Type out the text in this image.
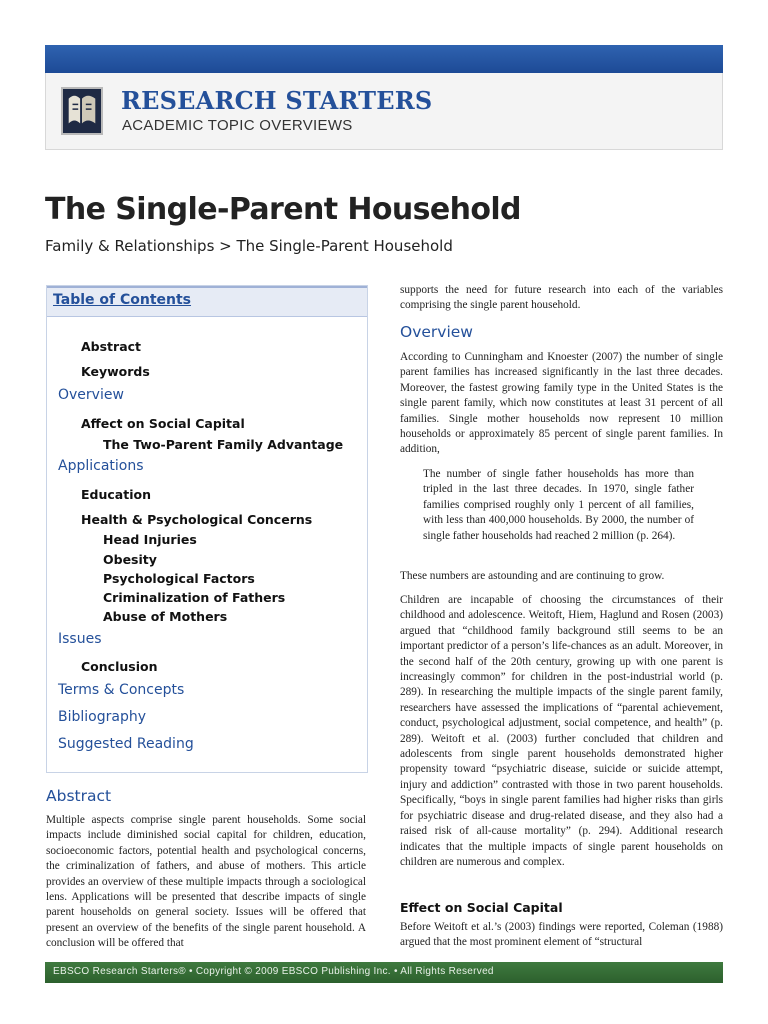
RESEARCH STARTERS
ACADEMIC TOPIC OVERVIEWS
The Single-Parent Household
Family & Relationships > The Single-Parent Household
Table of Contents
Abstract
Keywords
Overview
Affect on Social Capital
The Two-Parent Family Advantage
Applications
Education
Health & Psychological Concerns
Head Injuries
Obesity
Psychological Factors
Criminalization of Fathers
Abuse of Mothers
Issues
Conclusion
Terms & Concepts
Bibliography
Suggested Reading
Abstract
Multiple aspects comprise single parent households. Some social impacts include diminished social capital for children, education, socioeconomic factors, potential health and psychological concerns, the criminalization of fathers, and abuse of mothers. This article provides an overview of these multiple impacts through a sociological lens. Applications will be presented that describe impacts of single parent households on general society. Issues will be offered that present an overview of the benefits of the single parent household. A conclusion will be offered that
supports the need for future research into each of the variables comprising the single parent household.
Overview
According to Cunningham and Knoester (2007) the number of single parent families has increased significantly in the last three decades. Moreover, the fastest growing family type in the United States is the single parent family, which now constitutes at least 31 percent of all families. Single mother households now represent 10 million households or approximately 85 percent of single parent families. In addition,
The number of single father households has more than tripled in the last three decades. In 1970, single father families comprised roughly only 1 percent of all families, with less than 400,000 households. By 2000, the number of single father households had reached 2 million (p. 264).
These numbers are astounding and are continuing to grow.
Children are incapable of choosing the circumstances of their childhood and adolescence. Weitoft, Hiem, Haglund and Rosen (2003) argued that “childhood family background still seems to be an important predictor of a person’s life-chances as an adult. Moreover, in the second half of the 20th century, growing up with one parent is increasingly common” for children in the post-industrial world (p. 289). In researching the multiple impacts of the single parent family, researchers have assessed the implications of “parental achievement, conduct, psychological adjustment, social competence, and health” (p. 289). Weitoft et al. (2003) further concluded that children and adolescents from single parent households demonstrated higher propensity toward “psychiatric disease, suicide or suicide attempt, injury and addiction” contrasted with those in two parent households. Specifically, “boys in single parent families had higher risks than girls for psychiatric disease and drug-related disease, and they also had a raised risk of all-cause mortality” (p. 294). Additional research indicates that the multiple impacts of single parent households on children are numerous and complex.
Effect on Social Capital
Before Weitoft et al.’s (2003) findings were reported, Coleman (1988) argued that the most prominent element of “structural
EBSCO Research Starters® • Copyright © 2009 EBSCO Publishing Inc. • All Rights Reserved
